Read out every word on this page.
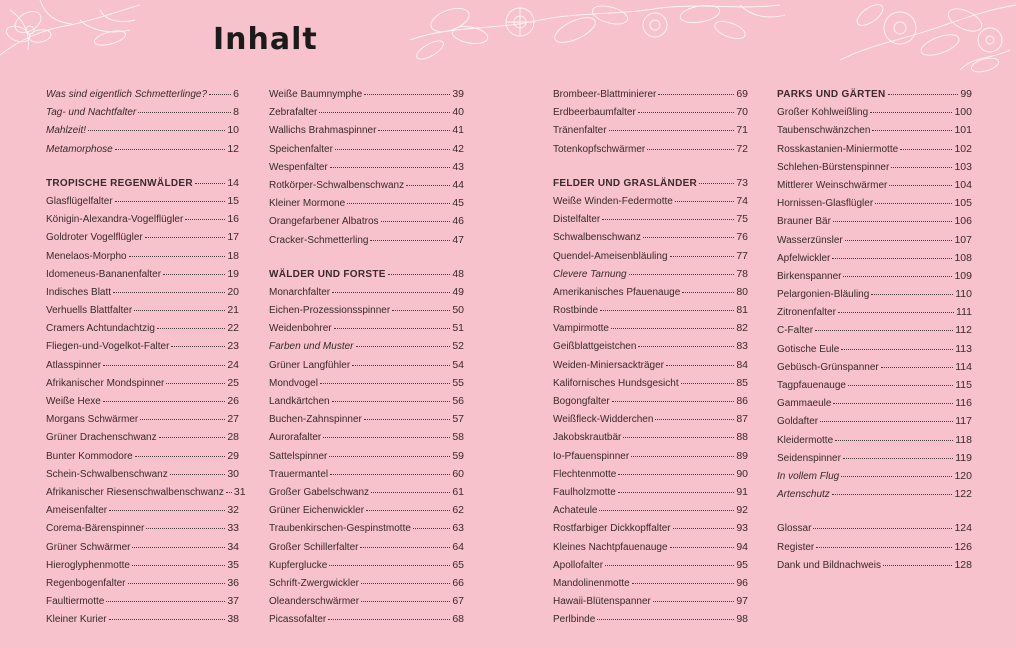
Inhalt
Was sind eigentlich Schmetterlinge? 6
Tag- und Nachtfalter	8
Mahlzeit!	10
Metamorphose	12
TROPISCHE REGENWÄLDER	14
Glasflügelfalter	15
Königin-Alexandra-Vogelflügler	16
Goldroter Vogelflügler	17
Menelaos-Morpho	18
Idomeneus-Bananenfalter	19
Indisches Blatt	20
Verhuells Blattfalter	21
Cramers Achtundachtzig	22
Fliegen-und-Vogelkot-Falter	23
Atlasspinner	24
Afrikanischer Mondspinner	25
Weiße Hexe	26
Morgans Schwärmer	27
Grüner Drachenschwanz	28
Bunter Kommodore	29
Schein-Schwalbenschwanz	30
Afrikanischer Riesenschwalbenschwanz 31
Ameisenfalter	32
Corema-Bärenspinner	33
Grüner Schwärmer	34
Hieroglyphenmotte	35
Regenbogenfalter	36
Faultiermotte	37
Kleiner Kurier	38
Weiße Baumnymphe	39
Zebrafalter	40
Wallichs Brahmaspinner	41
Speichenfalter	42
Wespenfalter	43
Rotkörper-Schwalbenschwanz	44
Kleiner Mormone	45
Orangefarbener Albatros	46
Cracker-Schmetterling	47
WÄLDER UND FORSTE	48
Monarchfalter	49
Eichen-Prozessionsspinner	50
Weidenbohrer	51
Farben und Muster	52
Grüner Langfühler	54
Mondvogel	55
Landkärtchen	56
Buchen-Zahnspinner	57
Aurorafalter	58
Sattelspinner	59
Trauermantel	60
Großer Gabelschwanz	61
Grüner Eichenwickler	62
Traubenkirschen-Gespinstmotte	63
Großer Schillerfalter	64
Kupferglucke	65
Schrift-Zwergwickler	66
Oleanderschwärmer	67
Picassofalter	68
Brombeer-Blattminierer	69
Erdbeerbaumfalter	70
Tränenfalter	71
Totenkopfschwärmer	72
FELDER UND GRASLÄNDER	73
Weiße Winden-Federmotte	74
Distelfalter	75
Schwalbenschwanz	76
Quendel-Ameisenbläuling	77
Clevere Tarnung	78
Amerikanisches Pfauenauge	80
Rostbinde	81
Vampirmotte	82
Geißblattgeistchen	83
Weiden-Miniersackträger	84
Kalifornisches Hundsgesicht	85
Bogongfalter	86
Weißfleck-Widderchen	87
Jakobskrautbär	88
Io-Pfauenspinner	89
Flechtenmotte	90
Faulholzmotte	91
Achateule	92
Rostfarbiger Dickkopffalter	93
Kleines Nachtpfauenauge	94
Apollofalter	95
Mandolinenmotte	96
Hawaii-Blütenspanner	97
Perlbinde	98
PARKS UND GÄRTEN	99
Großer Kohlweißling	100
Taubenschwänzchen	101
Rosskastanien-Miniermotte	102
Schlehen-Bürstenspinner	103
Mittlerer Weinschwärmer	104
Hornissen-Glasflügler	105
Brauner Bär	106
Wasserzünsler	107
Apfelwickler	108
Birkenspanner	109
Pelargonien-Bläuling	110
Zitronenfalter	111
C-Falter	112
Gotische Eule	113
Gebüsch-Grünspanner	114
Tagpfauenauge	115
Gammaeule	116
Goldafter	117
Kleidermotte	118
Seidenspinner	119
In vollem Flug	120
Artenschutz	122
Glossar	124
Register	126
Dank und Bildnachweis	128
